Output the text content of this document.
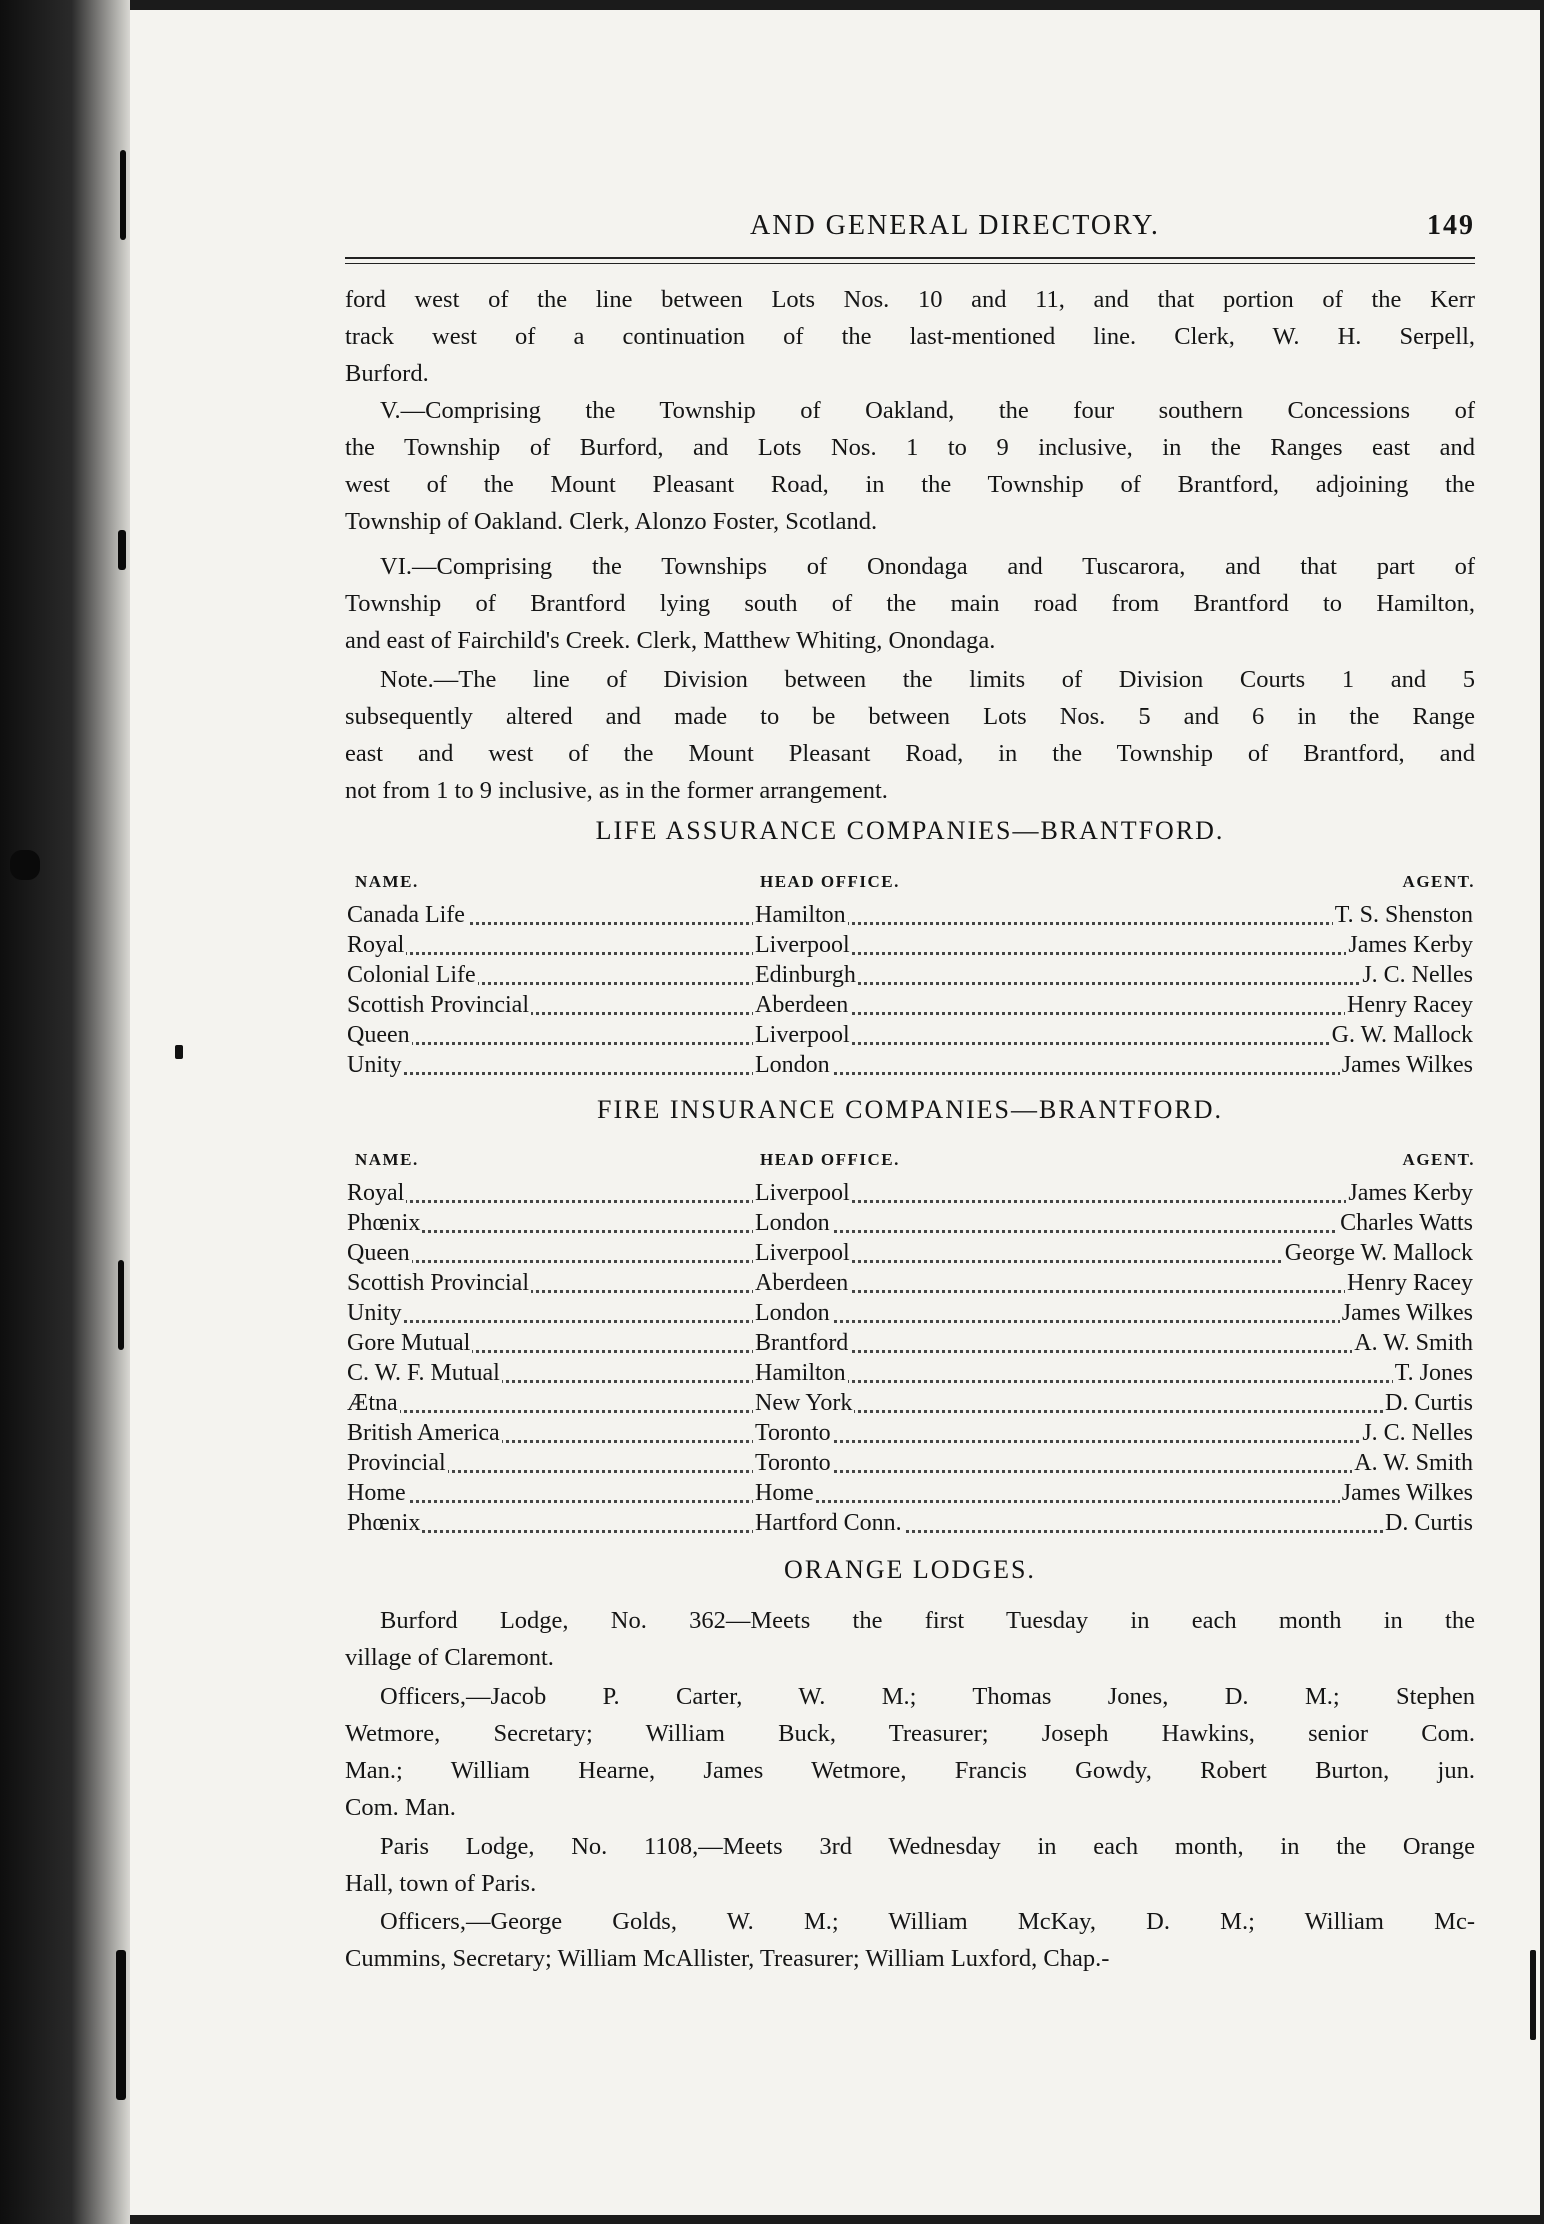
AND GENERAL DIRECTORY.	149
ford west of the line between Lots Nos. 10 and 11, and that portion of the Kerr
track west of a continuation of the last-mentioned line. Clerk, W. H. Serpell,
Burford.
V.—Comprising the Township of Oakland, the four southern Concessions of
the Township of Burford, and Lots Nos. 1 to 9 inclusive, in the Ranges east and
west of the Mount Pleasant Road, in the Township of Brantford, adjoining the
Township of Oakland. Clerk, Alonzo Foster, Scotland.
VI.—Comprising the Townships of Onondaga and Tuscarora, and that part of
Township of Brantford lying south of the main road from Brantford to Hamilton,
and east of Fairchild's Creek. Clerk, Matthew Whiting, Onondaga.
Note.—The line of Division between the limits of Division Courts 1 and 5
subsequently altered and made to be between Lots Nos. 5 and 6 in the Range
east and west of the Mount Pleasant Road, in the Township of Brantford, and
not from 1 to 9 inclusive, as in the former arrangement.
LIFE ASSURANCE COMPANIES—BRANTFORD.
NAME.	HEAD OFFICE.	AGENT.
Canada Life	Hamilton	T. S. Shenston
Royal	Liverpool	James Kerby
Colonial Life	Edinburgh	J. C. Nelles
Scottish Provincial	Aberdeen	Henry Racey
Queen	Liverpool	G. W. Mallock
Unity	London	James Wilkes
FIRE INSURANCE COMPANIES—BRANTFORD.
NAME.	HEAD OFFICE.	AGENT.
Royal	Liverpool	James Kerby
Phœnix	London	Charles Watts
Queen	Liverpool	George W. Mallock
Scottish Provincial	Aberdeen	Henry Racey
Unity	London	James Wilkes
Gore Mutual	Brantford	A. W. Smith
C. W. F. Mutual	Hamilton	T. Jones
Ætna	New York	D. Curtis
British America	Toronto	J. C. Nelles
Provincial	Toronto	A. W. Smith
Home	Home	James Wilkes
Phœnix	Hartford Conn.	D. Curtis
ORANGE LODGES.
Burford Lodge, No. 362—Meets the first Tuesday in each month in the
village of Claremont.
Officers,—Jacob P. Carter, W. M.; Thomas Jones, D. M.; Stephen
Wetmore, Secretary; William Buck, Treasurer; Joseph Hawkins, senior Com.
Man.; William Hearne, James Wetmore, Francis Gowdy, Robert Burton, jun.
Com. Man.
Paris Lodge, No. 1108,—Meets 3rd Wednesday in each month, in the Orange
Hall, town of Paris.
Officers,—George Golds, W. M.; William McKay, D. M.; William Mc-
Cummins, Secretary; William McAllister, Treasurer; William Luxford, Chap.-
